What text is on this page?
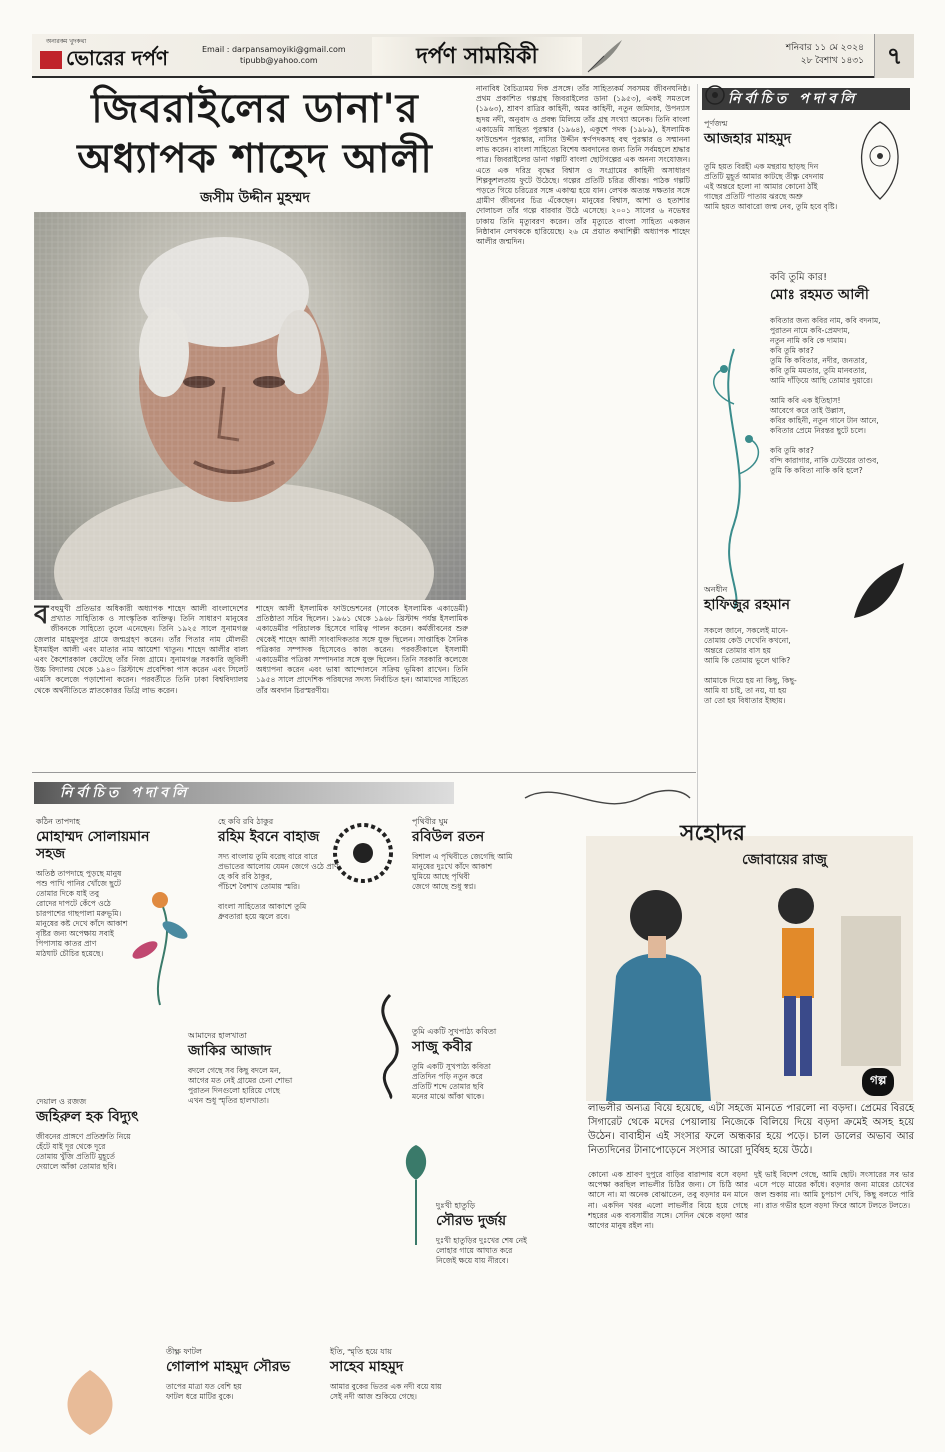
অন্যরকম খুদকথা
ভোরের দর্পণ	Email : darpansamoyiki@gmail.com
tipubb@yahoo.com	দর্পণ সাময়িকী	শনিবার ১১ মে ২০২৪
২৮ বৈশাখ ১৪৩১ ৭
জিবরাইলের ডানা'র
অধ্যাপক শাহেদ আলী
জসীম উদ্দীন মুহম্মদ
ববহুমুখী প্রতিভার অধিকারী অধ্যাপক শাহেদ আলী বাংলাদেশের প্রখ্যাত সাহিত্যিক ও সাংস্কৃতিক ব্যক্তিত্ব। তিনি সাধারণ মানুষের জীবনকে সাহিত্যে তুলে এনেছেন। তিনি ১৯২৫ সালে সুনামগঞ্জ জেলার মাহমুদপুর গ্রামে জন্মগ্রহণ করেন। তাঁর পিতার নাম মৌলভী ইসমাইল আলী এবং মাতার নাম আয়েশা খাতুন। শাহেদ আলীর বাল্য এবং কৈশোরকাল কেটেছে তাঁর নিজ গ্রামে। সুনামগঞ্জ সরকারি জুবিলী উচ্চ বিদ্যালয় থেকে ১৯৪০ খ্রিস্টাব্দে প্রবেশিকা পাস করেন এবং সিলেট এমসি কলেজে পড়াশোনা করেন। পরবর্তীতে তিনি ঢাকা বিশ্ববিদ্যালয় থেকে অর্থনীতিতে স্নাতকোত্তর ডিগ্রি লাভ করেন।
শাহেদ আলী ইসলামিক ফাউন্ডেশনের (সাবেক ইসলামিক একাডেমী) প্রতিষ্ঠাতা সচিব ছিলেন। ১৯৬১ থেকে ১৯৬৮ খ্রিস্টাব্দ পর্যন্ত ইসলামিক একাডেমীর পরিচালক হিসেবে দায়িত্ব পালন করেন। কর্মজীবনের শুরু থেকেই শাহেদ আলী সাংবাদিকতার সঙ্গে যুক্ত ছিলেন। সাপ্তাহিক সৈনিক পত্রিকার সম্পাদক হিসেবেও কাজ করেন। পরবর্তীকালে ইসলামী একাডেমীর পত্রিকা সম্পাদনার সঙ্গে যুক্ত ছিলেন। তিনি সরকারি কলেজে অধ্যাপনা করেন এবং ভাষা আন্দোলনে সক্রিয় ভূমিকা রাখেন। তিনি ১৯৫৪ সালে প্রাদেশিক পরিষদের সদস্য নির্বাচিত হন। আমাদের সাহিত্যে তাঁর অবদান চিরস্মরণীয়।
নানাবিধ বৈচিত্র্যময় দিক প্রসঙ্গে। তাঁর সাহিত্যকর্ম সবসময় জীবনঘনিষ্ঠ। প্রথম প্রকাশিত গল্পগ্রন্থ জিবরাইলের ডানা (১৯৫৩), একই সমতলে (১৯৬৩), শ্রাবণ রাত্রির কাহিনী, অমর কাহিনী, নতুন জমিদার, উপন্যাস হৃদয় নদী, অনুবাদ ও প্রবন্ধ মিলিয়ে তাঁর গ্রন্থ সংখ্যা অনেক। তিনি বাংলা একাডেমি সাহিত্য পুরস্কার (১৯৬৪), একুশে পদক (১৯৮৯), ইসলামিক ফাউন্ডেশন পুরস্কার, নাসির উদ্দীন স্বর্ণপদকসহ বহু পুরস্কার ও সম্মাননা লাভ করেন। বাংলা সাহিত্যে বিশেষ অবদানের জন্য তিনি সর্বমহলে শ্রদ্ধার পাত্র। জিবরাইলের ডানা গল্পটি বাংলা ছোটগল্পের এক অনন্য সংযোজন। এতে এক দরিদ্র বৃদ্ধের বিশ্বাস ও সংগ্রামের কাহিনী অসাধারণ শিল্পকুশলতায় ফুটে উঠেছে। গল্পের প্রতিটি চরিত্র জীবন্ত। পাঠক গল্পটি পড়তে গিয়ে চরিত্রের সঙ্গে একাত্ম হয়ে যান। লেখক অত্যন্ত দক্ষতার সঙ্গে গ্রামীণ জীবনের চিত্র এঁকেছেন। মানুষের বিশ্বাস, আশা ও হতাশার দোলাচল তাঁর গল্পে বারবার উঠে এসেছে। ২০০১ সালের ৬ নভেম্বর ঢাকায় তিনি মৃত্যুবরণ করেন। তাঁর মৃত্যুতে বাংলা সাহিত্য একজন নিষ্ঠাবান লেখককে হারিয়েছে। ২৬ মে প্রয়াত কথাশিল্পী অধ্যাপক শাহেদ আলীর জন্মদিন।
নির্বাচিত পদাবলি
পূর্ণজন্ম
আজহার মাহমুদ
তুমি হয়ত বিরহী এক মন্থরায় ছাড়ছ দিন
প্রতিটি মুহূর্ত আমার কাটছে তীক্ষ্ণ বেদনায়
এই অন্তরে হলো না আমার কোনো ঠাঁই
গাছের প্রতিটি পাতায় ঝরছে অশ্রু
আমি হয়ত আবারো জন্ম নেব, তুমি হবে বৃষ্টি।
কবি তুমি কার!
মোঃ রহমত আলী
কবিতার জন্য কবির নাম, কবি বদনাম,
পুরাতন নামে কবি-প্রেমদাম,
নতুন নামি কবি কে দামাম।
কবি তুমি কার?
তুমি কি কবিতার, নদীর, জনতার,
কবি তুমি মমতার, তুমি মানবতার,
আমি দাঁড়িয়ে আছি তোমার দুয়ারে।

আমি কবি এক ইতিহাস!
আবেগে করে তাই উল্লাস,
কবির কাহিনী, নতুন গানে টান আনে,
কবিতার প্রেমে নিরন্তর ছুটে চলে।

কবি তুমি কার?
বন্দি কারাগার, নাকি ঢেউয়ের তাণ্ডব,
তুমি কি কবিতা নাকি কবি হলে?
অনধীন
হাফিজুর রহমান
সকলে জানে, সকলেই মানে-
তোমায় কেউ দেখেনি কখনো,
অন্তরে তোমার বাস হয়
আমি কি তোমায় ভুলে থাকি?

আমাকে দিয়ে হয় না কিছু, কিছু-
আমি যা চাই, তা নয়, যা হয়
তা তো হয় বিধাতার ইচ্ছায়।
নির্বাচিত পদাবলি
কঠিন তাপদাহ
মোহাম্মদ সোলায়মান সহজ
অতিষ্ঠ তাপদাহে পুড়ছে মানুষ
পশু পাখি পানির খোঁজে ছুটে
তোমার দিকে যাই তবু
রোদের দাপটে কেঁপে ওঠে
চারপাশের গাছপালা মরুভূমি।
মানুষের কষ্ট দেখে কাঁদে আকাশ
বৃষ্টির জন্য অপেক্ষায় সবাই
পিপাসায় কাতর প্রাণ
মাঠঘাট চৌচির হয়েছে।
দেয়াল ও রজজ
জহিরুল হক বিদ্যুৎ
জীবনের প্রাঙ্গণে প্রতিশ্রুতি নিয়ে
হেঁটে যাই দূর থেকে দূরে
তোমায় খুঁজি প্রতিটি মুহূর্তে
দেয়ালে আঁকা তোমার ছবি।
হে কবি রবি ঠাকুর
রহিম ইবনে বাহাজ
সদ্য বাংলায় তুমি বরেছ বারে বারে
প্রভাতের আলোয় যেমন জেগে ওঠে প্রাণ
হে কবি রবি ঠাকুর,
পঁচিশে বৈশাখ তোমায় স্মরি।

বাংলা সাহিত্যের আকাশে তুমি
ধ্রুবতারা হয়ে জ্বলে রবে।
আমাদের হালখাতা
জাকির আজাদ
বদলে গেছে সব কিছু বদলে মন,
আগের মত নেই গ্রামের চেনা শোভা
পুরাতন দিনগুলো হারিয়ে গেছে
এখন শুধু স্মৃতির হালখাতা।
পৃথিবীর ঘুম
রবিউল রতন
বিশাল এ পৃথিবীতে জেগেছি আমি
মানুষের দুঃখে কাঁদে আকাশ
ঘুমিয়ে আছে পৃথিবী
জেগে আছে শুধু স্বপ্ন।
তুমি একটি সুখপাঠ্য কবিতা
সাজু কবীর
তুমি একটি সুখপাঠ্য কবিতা
প্রতিদিন পড়ি নতুন করে
প্রতিটি শব্দে তোমার ছবি
মনের মাঝে আঁকা থাকে।
দুঃখী হাতুড়ি
সৌরভ দুর্জয়
দুঃখী হাতুড়ির দুঃখের শেষ নেই
লোহার গায়ে আঘাত করে
নিজেই ক্ষয়ে যায় নীরবে।
তীক্ষ্ণ ফাটল
গোলাপ মাহমুদ সৌরভ
তাপের মাত্রা যত বেশি হয়
ফাটল ধরে মাটির বুকে।
ইতি, স্মৃতি হয়ে যায়
সাহেব মাহমুদ
আমার বুকের ভিতর এক নদী বয়ে যায়
সেই নদী আজ শুকিয়ে গেছে।
সহোদর
জোবায়ের রাজু
গল্প
লাভলীর অন্যত্র বিয়ে হয়েছে, এটা সহজে মানতে পারলো না বড়দা। প্রেমের বিরহে সিগারেট থেকে মদের পেয়ালায় নিজেকে বিলিয়ে দিয়ে বড়দা ক্রমেই অসহ হয়ে উঠেন। বাবাহীন এই সংসার ফলে অন্ধকার হয়ে পড়ে। চাল ডালের অভাব আর নিত্যদিনের টানাপোড়েনে সংসার আরো দুর্বিষহ হয়ে উঠে।
কোনো এক শ্রাবণ দুপুরে বাড়ির বারান্দায় বসে বড়দা অপেক্ষা করছিল লাভলীর চিঠির জন্য। সে চিঠি আর আসে না। মা অনেক বোঝাতেন, তবু বড়দার মন মানে না। একদিন খবর এলো লাভলীর বিয়ে হয়ে গেছে শহরের এক ব্যবসায়ীর সঙ্গে। সেদিন থেকে বড়দা আর আগের মানুষ রইল না।
দুই ভাই বিদেশ গেছে, আমি ছোট। সংসারের সব ভার এসে পড়ে মায়ের কাঁধে। বড়দার জন্য মায়ের চোখের জল শুকায় না। আমি চুপচাপ দেখি, কিছু বলতে পারি না। রাত গভীর হলে বড়দা ফিরে আসে টলতে টলতে।
